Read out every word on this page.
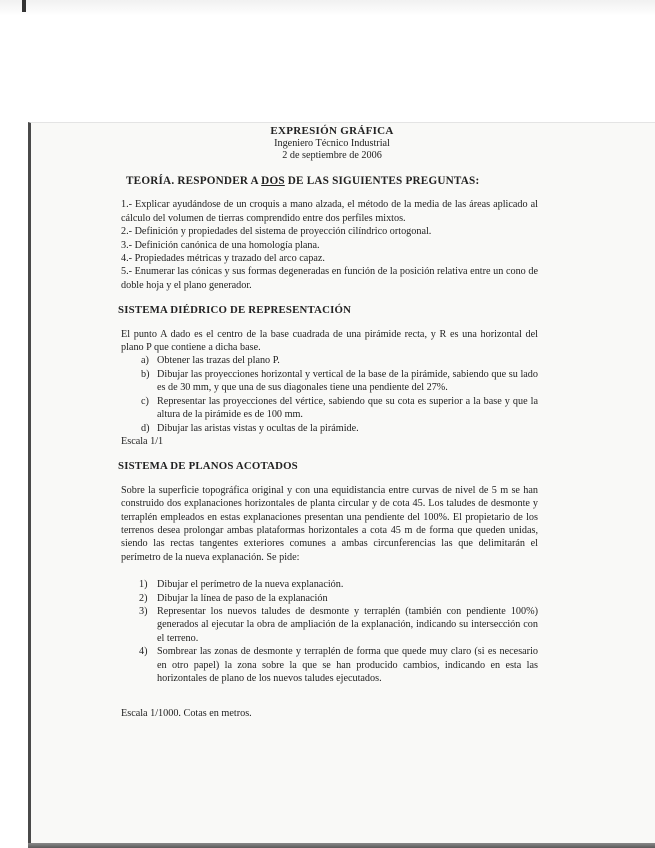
EXPRESIÓN GRÁFICA
Ingeniero Técnico Industrial
2 de septiembre de 2006
TEORÍA. RESPONDER A DOS DE LAS SIGUIENTES PREGUNTAS:

1.- Explicar ayudándose de un croquis a mano alzada, el método de la media de las áreas aplicado al cálculo del volumen de tierras comprendido entre dos perfiles mixtos.

2.- Definición y propiedades del sistema de proyección cilíndrico ortogonal.

3.- Definición canónica de una homología plana.

4.- Propiedades métricas y trazado del arco capaz.

5.- Enumerar las cónicas y sus formas degeneradas en función de la posición relativa entre un cono de doble hoja y el plano generador.

SISTEMA DIÉDRICO DE REPRESENTACIÓN

El punto A dado es el centro de la base cuadrada de una pirámide recta, y R es una horizontal del plano P que contiene a dicha base.

a) Obtener las trazas del plano P.
b) Dibujar las proyecciones horizontal y vertical de la base de la pirámide, sabiendo que su lado es de 30 mm, y que una de sus diagonales tiene una pendiente del 27%.
c) Representar las proyecciones del vértice, sabiendo que su cota es superior a la base y que la altura de la pirámide es de 100 mm.
d) Dibujar las aristas vistas y ocultas de la pirámide.

Escala 1/1

SISTEMA DE PLANOS ACOTADOS

Sobre la superficie topográfica original y con una equidistancia entre curvas de nivel de 5 m se han construido dos explanaciones horizontales de planta circular y de cota 45. Los taludes de desmonte y terraplén empleados en estas explanaciones presentan una pendiente del 100%. El propietario de los terrenos desea prolongar ambas plataformas horizontales a cota 45 m de forma que queden unidas, siendo las rectas tangentes exteriores comunes a ambas circunferencias las que delimitarán el perímetro de la nueva explanación. Se pide:

1) Dibujar el perímetro de la nueva explanación.
2) Dibujar la línea de paso de la explanación
3) Representar los nuevos taludes de desmonte y terraplén (también con pendiente 100%) generados al ejecutar la obra de ampliación de la explanación, indicando su intersección con el terreno.
4) Sombrear las zonas de desmonte y terraplén de forma que quede muy claro (si es necesario en otro papel) la zona sobre la que se han producido cambios, indicando en esta las horizontales de plano de los nuevos taludes ejecutados.

Escala 1/1000. Cotas en metros.
